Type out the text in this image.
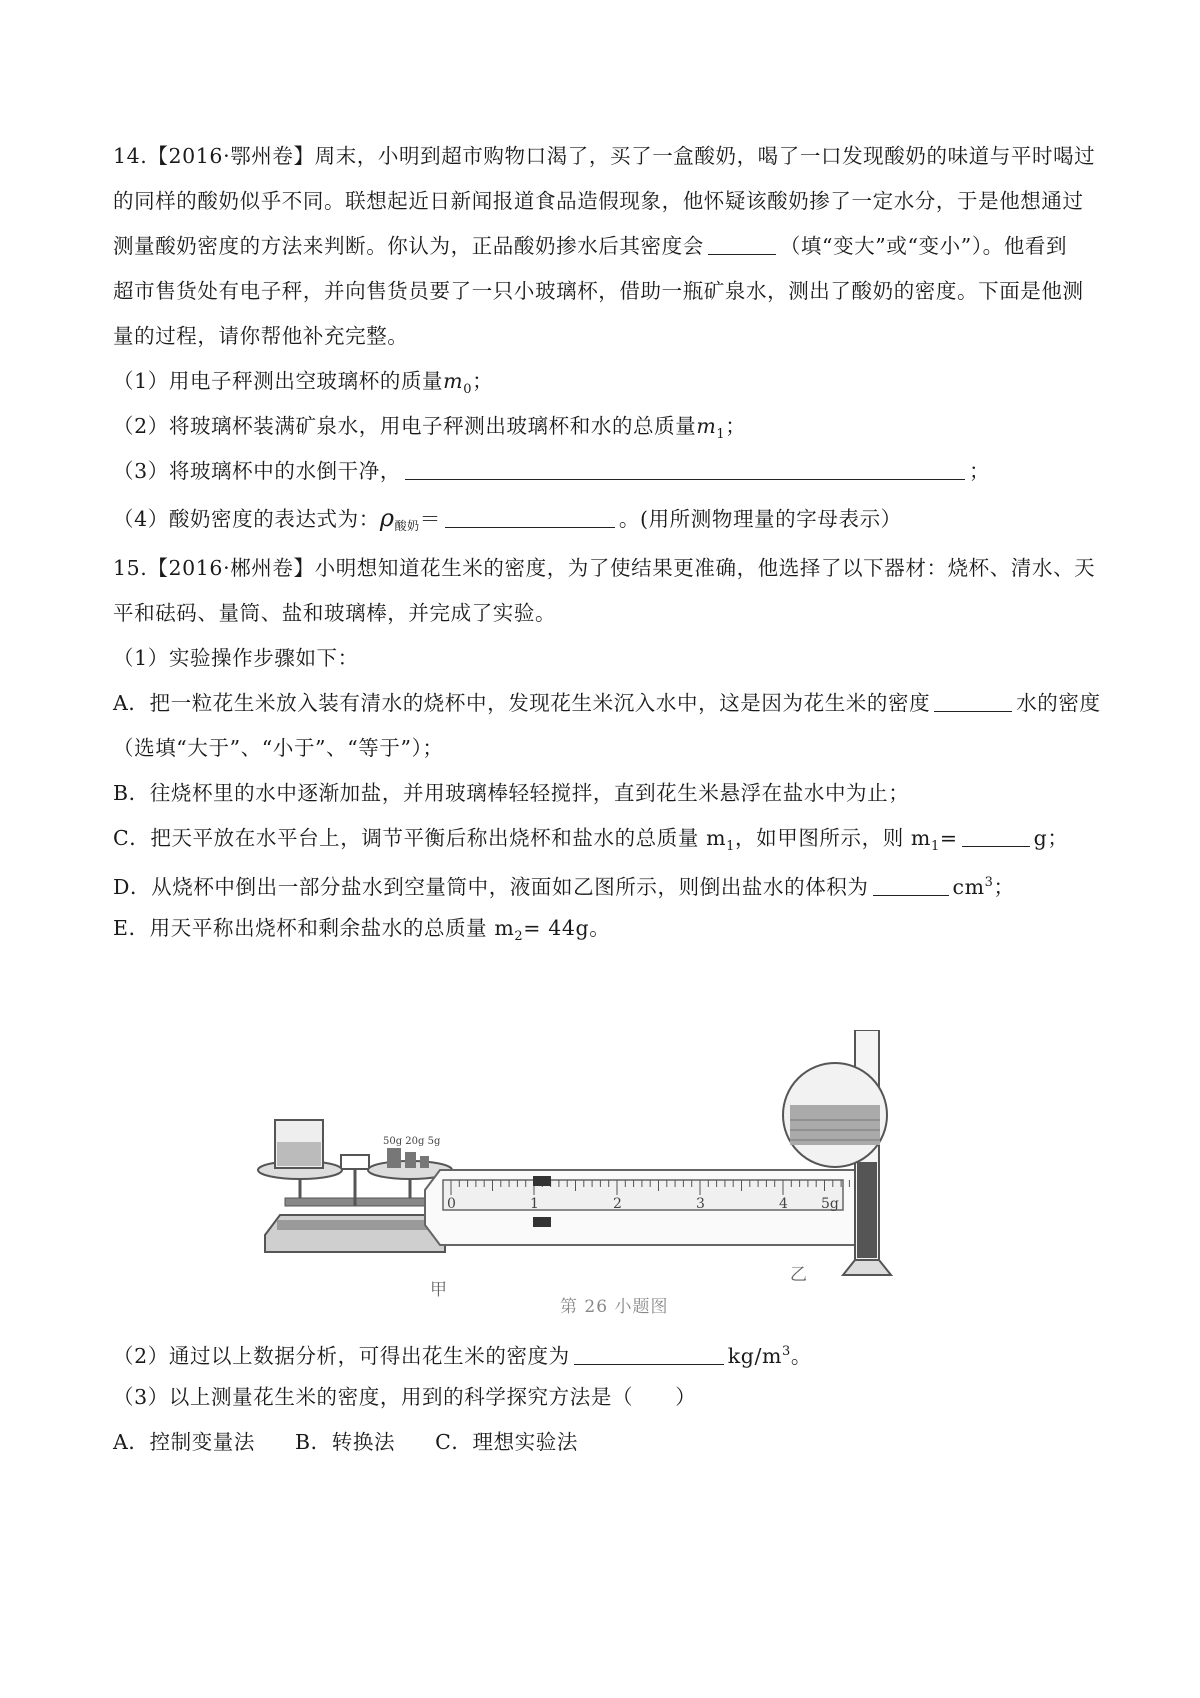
14.【2016·鄂州卷】周末，小明到超市购物口渴了，买了一盒酸奶，喝了一口发现酸奶的味道与平时喝过
的同样的酸奶似乎不同。联想起近日新闻报道食品造假现象，他怀疑该酸奶掺了一定水分，于是他想通过
测量酸奶密度的方法来判断。你认为，正品酸奶掺水后其密度会	（填“变大”或“变小”）。他看到
超市售货处有电子秤，并向售货员要了一只小玻璃杯，借助一瓶矿泉水，测出了酸奶的密度。下面是他测
量的过程，请你帮他补充完整。
（1）用电子秤测出空玻璃杯的质量$m_0$；
（2）将玻璃杯装满矿泉水，用电子秤测出玻璃杯和水的总质量$m_1$；
（3）将玻璃杯中的水倒干净，	；
（4）酸奶密度的表达式为：ρ酸奶＝	。(用所测物理量的字母表示）
15.【2016·郴州卷】小明想知道花生米的密度，为了使结果更准确，他选择了以下器材：烧杯、清水、天
平和砝码、量筒、盐和玻璃棒，并完成了实验。
（1）实验操作步骤如下：
A．把一粒花生米放入装有清水的烧杯中，发现花生米沉入水中，这是因为花生米的密度	水的密度
（选填“大于”、“小于”、“等于”）；
B．往烧杯里的水中逐渐加盐，并用玻璃棒轻轻搅拌，直到花生米悬浮在盐水中为止；
C．把天平放在水平台上，调节平衡后称出烧杯和盐水的总质量 $m_1$，如甲图所示，则 $m_1=$	g；
D．从烧杯中倒出一部分盐水到空量筒中，液面如乙图所示，则倒出盐水的体积为	$cm^3$；
E．用天平称出烧杯和剩余盐水的总质量 $m_2= 44g$。
50g 20g 5g
0	1	2	3	4 5g
甲
乙
第 26 小题图
（2）通过以上数据分析，可得出花生米的密度为	$kg/m^3$。
（3）以上测量花生米的密度，用到的科学探究方法是（　　）
A．控制变量法 B．转换法 C．理想实验法
